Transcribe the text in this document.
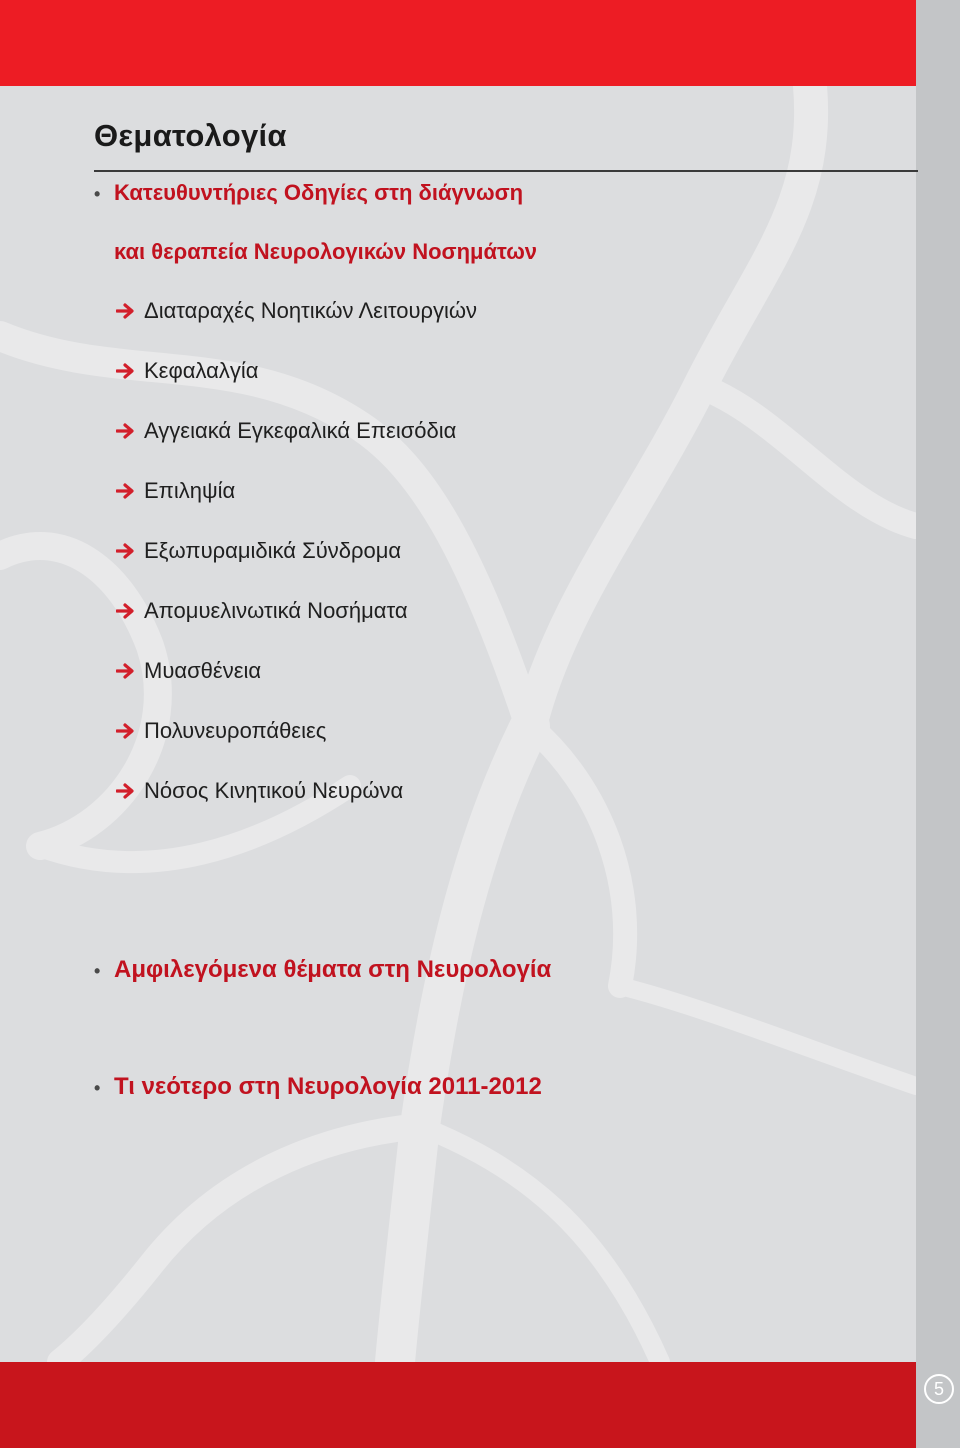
Θεματολογία

• Κατευθυντήριες Οδηγίες στη διάγνωση

και θεραπεία Νευρολογικών Νοσημάτων

Διαταραχές Νοητικών Λειτουργιών

Κεφαλαλγία

Αγγειακά Εγκεφαλικά Επεισόδια

Επιληψία

Εξωπυραμιδικά Σύνδρομα

Απομυελινωτικά Νοσήματα

Μυασθένεια

Πολυνευροπάθειες

Νόσος Κινητικού Νευρώνα

• Αμφιλεγόμενα θέματα στη Νευρολογία

• Τι νεότερο στη Νευρολογία 2011-2012

5
